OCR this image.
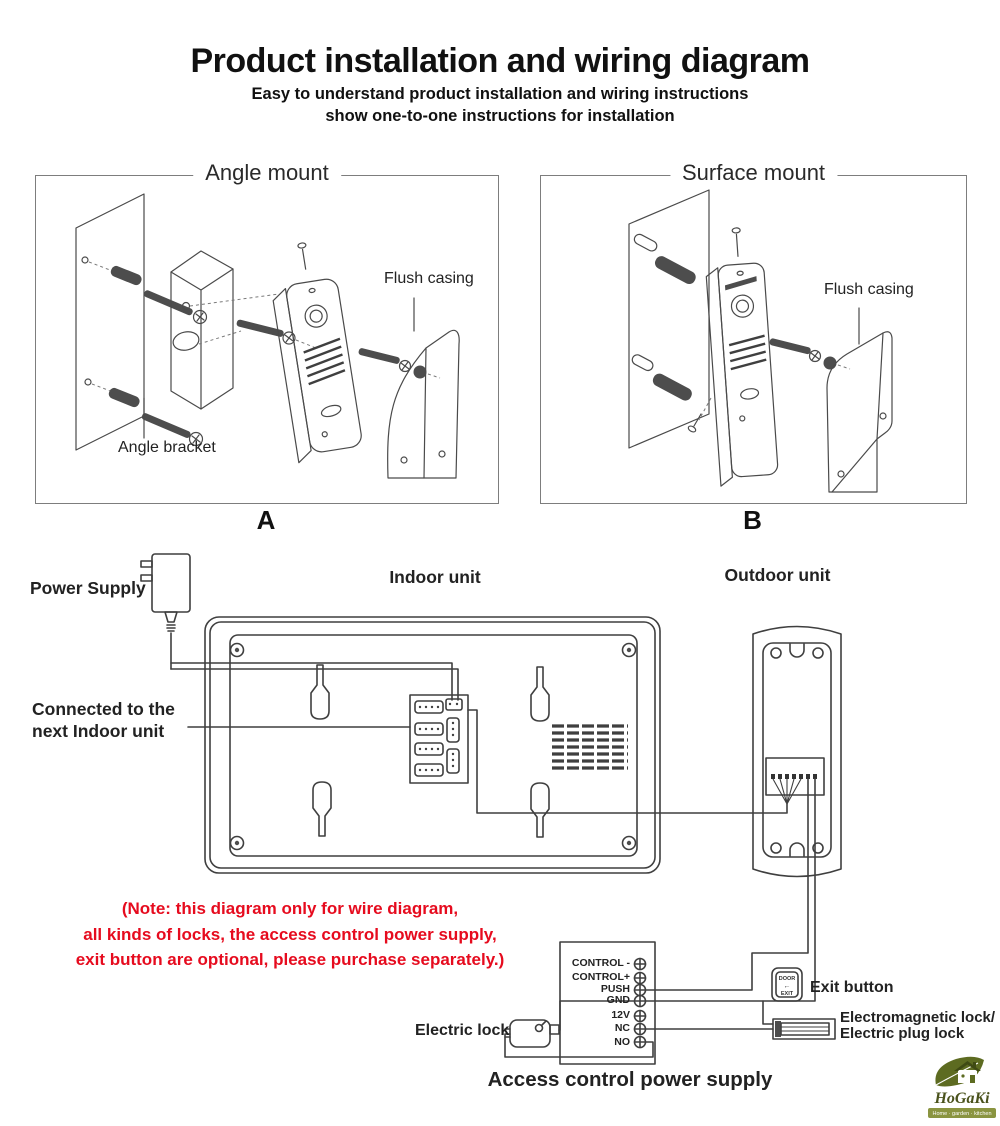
Product installation and wiring diagram
Easy to understand product installation and wiring instructions
show one-to-one instructions for installation
Angle mount
Flush casing
Angle bracket
A
Surface mount
Flush casing
B
DOOR
←
EXIT
Power Supply
Indoor unit	Outdoor unit
Connected to the
next Indoor unit
(Note: this diagram only for wire diagram,
all kinds of locks, the access control power supply,
exit button are optional, please purchase separately.)	CONTROL -
CONTROL+
PUSH
GND
12V
NC
NO
Electric lock
Exit button
Electromagnetic lock/
Electric plug lock
Access control power supply
HoGaKi
Home · garden · kitchen
